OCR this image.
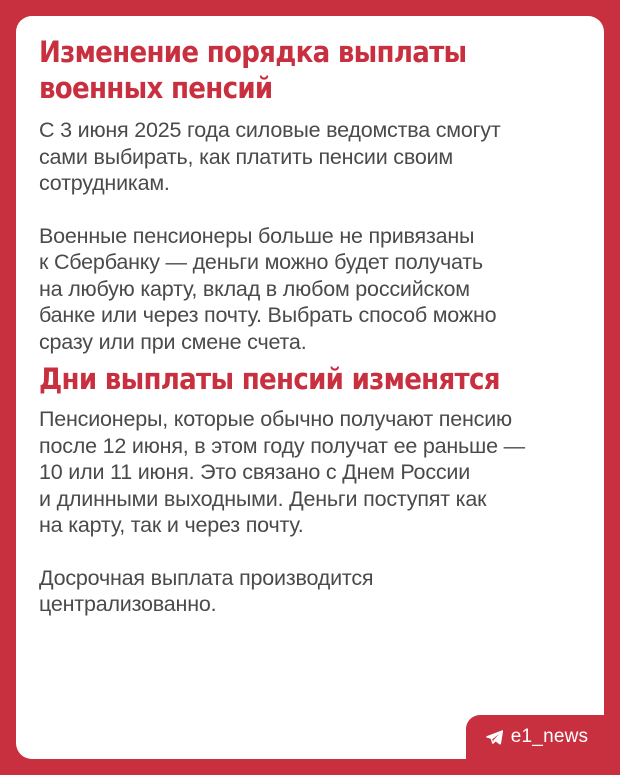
Изменение порядка выплаты
военных пенсий

С 3 июня 2025 года силовые ведомства смогут
сами выбирать, как платить пенсии своим
сотрудникам.

Военные пенсионеры больше не привязаны
к Сбербанку — деньги можно будет получать
на любую карту, вклад в любом российском
банке или через почту. Выбрать способ можно
сразу или при смене счета.

Дни выплаты пенсий изменятся

Пенсионеры, которые обычно получают пенсию
после 12 июня, в этом году получат ее раньше —
10 или 11 июня. Это связано с Днем России
и длинными выходными. Деньги поступят как
на карту, так и через почту.

Досрочная выплата производится
централизованно.

e1_news
